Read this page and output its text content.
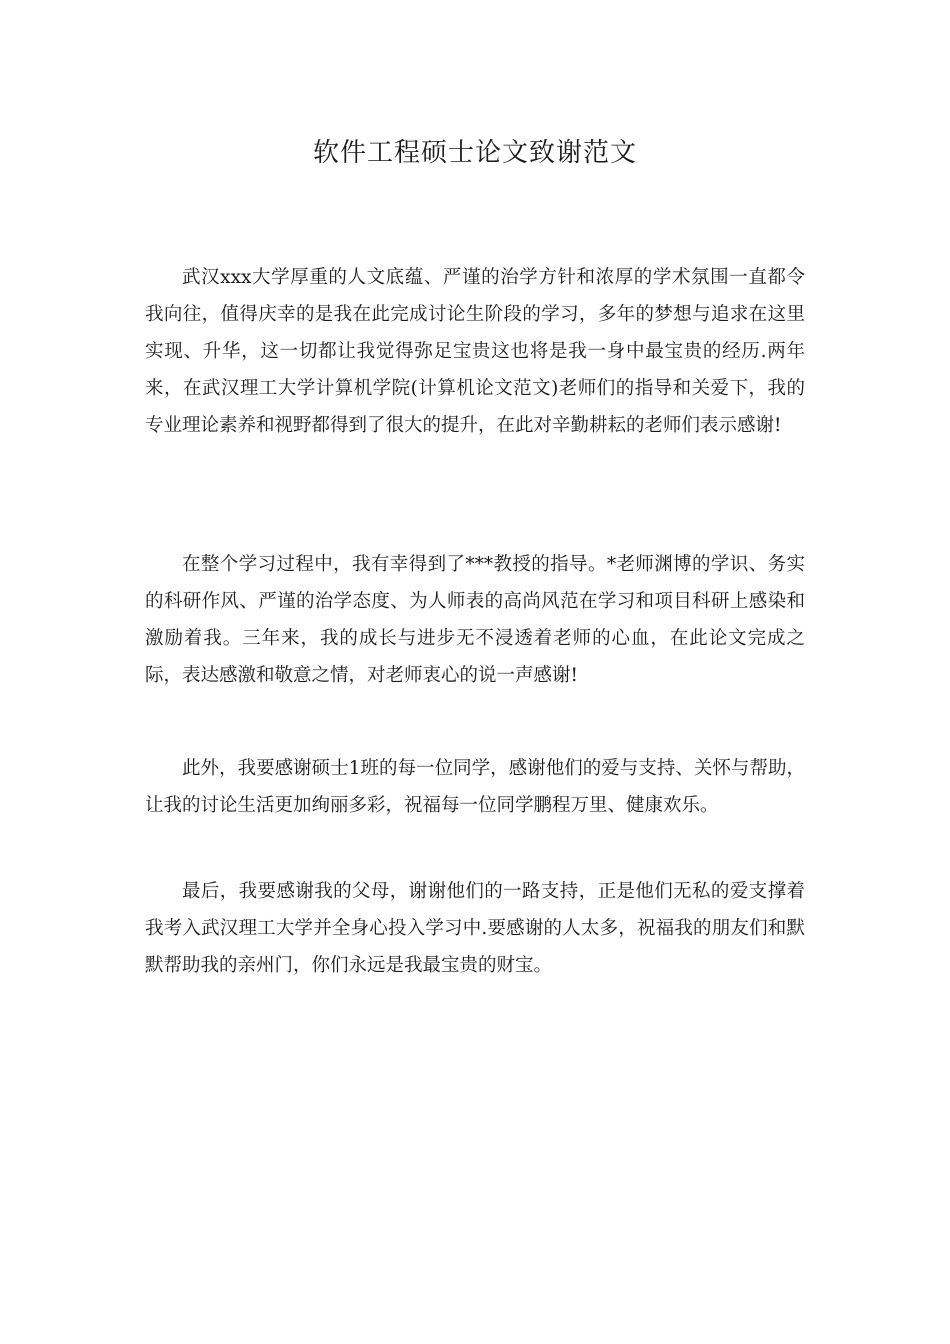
软件工程硕士论文致谢范文

武汉xxx大学厚重的人文底蕴、严谨的治学方针和浓厚的学术氛围一直都令我向往，值得庆幸的是我在此完成讨论生阶段的学习，多年的梦想与追求在这里实现、升华，这一切都让我觉得弥足宝贵这也将是我一身中最宝贵的经历.两年来，在武汉理工大学计算机学院(计算机论文范文)老师们的指导和关爱下，我的专业理论素养和视野都得到了很大的提升，在此对辛勤耕耘的老师们表示感谢!

在整个学习过程中，我有幸得到了***教授的指导。*老师渊博的学识、务实的科研作风、严谨的治学态度、为人师表的高尚风范在学习和项目科研上感染和激励着我。三年来，我的成长与进步无不浸透着老师的心血，在此论文完成之际，表达感激和敬意之情，对老师衷心的说一声感谢!

此外，我要感谢硕士1班的每一位同学，感谢他们的爱与支持、关怀与帮助，让我的讨论生活更加绚丽多彩，祝福每一位同学鹏程万里、健康欢乐。

最后，我要感谢我的父母，谢谢他们的一路支持，正是他们无私的爱支撑着我考入武汉理工大学并全身心投入学习中.要感谢的人太多，祝福我的朋友们和默默帮助我的亲州门，你们永远是我最宝贵的财宝。
